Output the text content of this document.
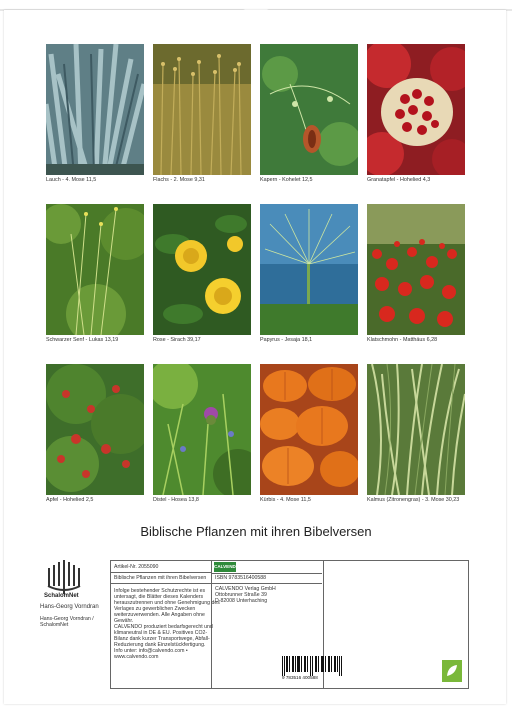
Lauch - 4. Mose 11,5	Flachs - 2. Mose 9,31	Kapern - Kohelet 12,5	Granatapfel - Hohelied 4,3
Schwarzer Senf - Lukas 13,19	Rose - Sirach 39,17	Papyrus - Jesaja 18,1	Klatschmohn - Matthäus 6,28
Apfel - Hohelied 2,5	Distel - Hosea 13,8	Kürbis - 4. Mose 11,5	Kalmus (Zitronengras) - 3. Mose 30,23
Biblische Pflanzen mit ihren Bibelversen
SchalomNet
Hans-Georg Vorndran
Hans-Georg Vorndran /
SchalomNet
Artikel-Nr. 2055090
Biblische Pflanzen mit ihren Bibelversen
Infolge bestehender Schutzrechte ist es
untersagt, die Blätter dieses Kalenders
herauszutrennen und ohne Genehmigung des
Verlages zu gewerblichen Zwecken
weiterzuverwenden. Alle Angaben ohne
Gewähr.
CALVENDO produziert bedarfsgerecht und
klimaneutral in DE & EU. Positives CO2-
Bilanz dank kurzer Transportwege, Abfall-
Reduzierung dank Einzelstückfertigung.
Info unter: info@calvendo.com •
www.calvendo.com
ISBN 9783516400588
CALVENDO Verlag GmbH
Ottobrunner Straße 39
D-82008 Unterhaching
CALVENDO
9 783516 400588
